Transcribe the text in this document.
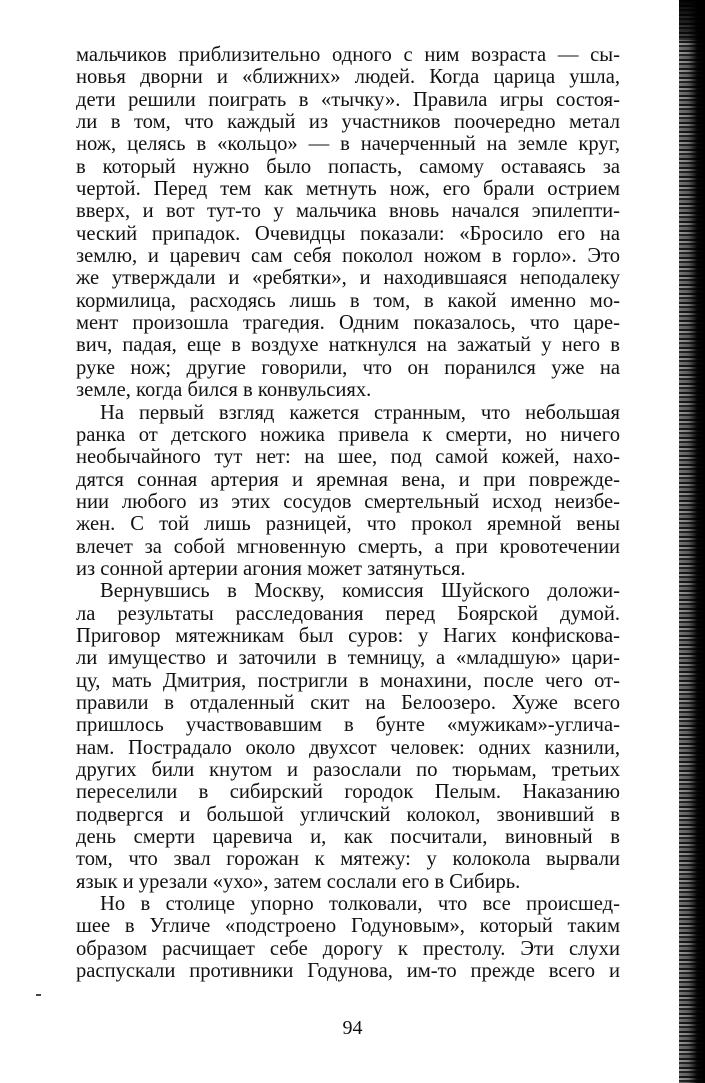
мальчиков приблизительно одного с ним возраста — сы-
новья дворни и «ближних» людей. Когда царица ушла,
дети решили поиграть в «тычку». Правила игры состоя-
ли в том, что каждый из участников поочередно метал
нож, целясь в «кольцо» — в начерченный на земле круг,
в который нужно было попасть, самому оставаясь за
чертой. Перед тем как метнуть нож, его брали острием
вверх, и вот тут-то у мальчика вновь начался эпилепти-
ческий припадок. Очевидцы показали: «Бросило его на
землю, и царевич сам себя поколол ножом в горло». Это
же утверждали и «ребятки», и находившаяся неподалеку
кормилица, расходясь лишь в том, в какой именно мо-
мент произошла трагедия. Одним показалось, что царе-
вич, падая, еще в воздухе наткнулся на зажатый у него в
руке нож; другие говорили, что он поранился уже на
земле, когда бился в конвульсиях.
На первый взгляд кажется странным, что небольшая
ранка от детского ножика привела к смерти, но ничего
необычайного тут нет: на шее, под самой кожей, нахо-
дятся сонная артерия и яремная вена, и при поврежде-
нии любого из этих сосудов смертельный исход неизбе-
жен. С той лишь разницей, что прокол яремной вены
влечет за собой мгновенную смерть, а при кровотечении
из сонной артерии агония может затянуться.
Вернувшись в Москву, комиссия Шуйского доложи-
ла результаты расследования перед Боярской думой.
Приговор мятежникам был суров: у Нагих конфискова-
ли имущество и заточили в темницу, а «младшую» цари-
цу, мать Дмитрия, постригли в монахини, после чего от-
правили в отдаленный скит на Белоозеро. Хуже всего
пришлось участвовавшим в бунте «мужикам»-углича-
нам. Пострадало около двухсот человек: одних казнили,
других били кнутом и разослали по тюрьмам, третьих
переселили в сибирский городок Пелым. Наказанию
подвергся и большой угличский колокол, звонивший в
день смерти царевича и, как посчитали, виновный в
том, что звал горожан к мятежу: у колокола вырвали
язык и урезали «ухо», затем сослали его в Сибирь.
Но в столице упорно толковали, что все происшед-
шее в Угличе «подстроено Годуновым», который таким
образом расчищает себе дорогу к престолу. Эти слухи
распускали противники Годунова, им-то прежде всего и
94
